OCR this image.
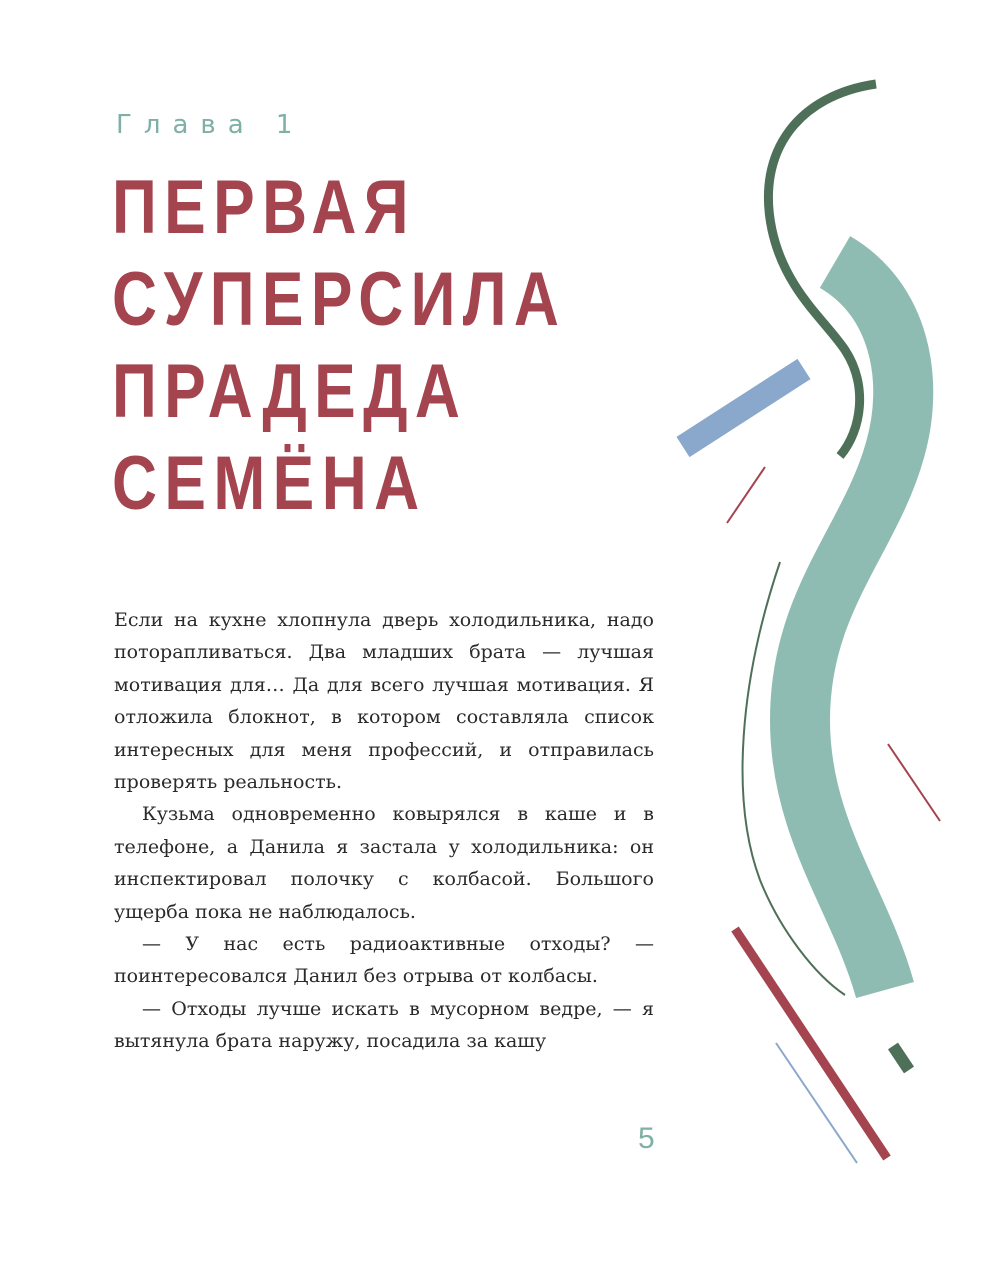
Глава 1
ПЕРВАЯ
СУПЕРСИЛА
ПРАДЕДА
СЕМЁНА

Если на кухне хлопнула дверь холодильника, надо поторапливаться. Два младших брата — лучшая мотивация для… Да для всего лучшая мотивация. Я отложила блокнот, в котором составляла список интересных для меня профессий, и отправилась проверять реальность.

Кузьма одновременно ковырялся в каше и в телефоне, а Данила я застала у холодильника: он инспектировал полочку с колбасой. Большого ущерба пока не наблюдалось.

— У нас есть радиоактивные отходы? — поинтересовался Данил без отрыва от колбасы.

— Отходы лучше искать в мусорном ведре, — я вытянула брата наружу, посадила за кашу

5
